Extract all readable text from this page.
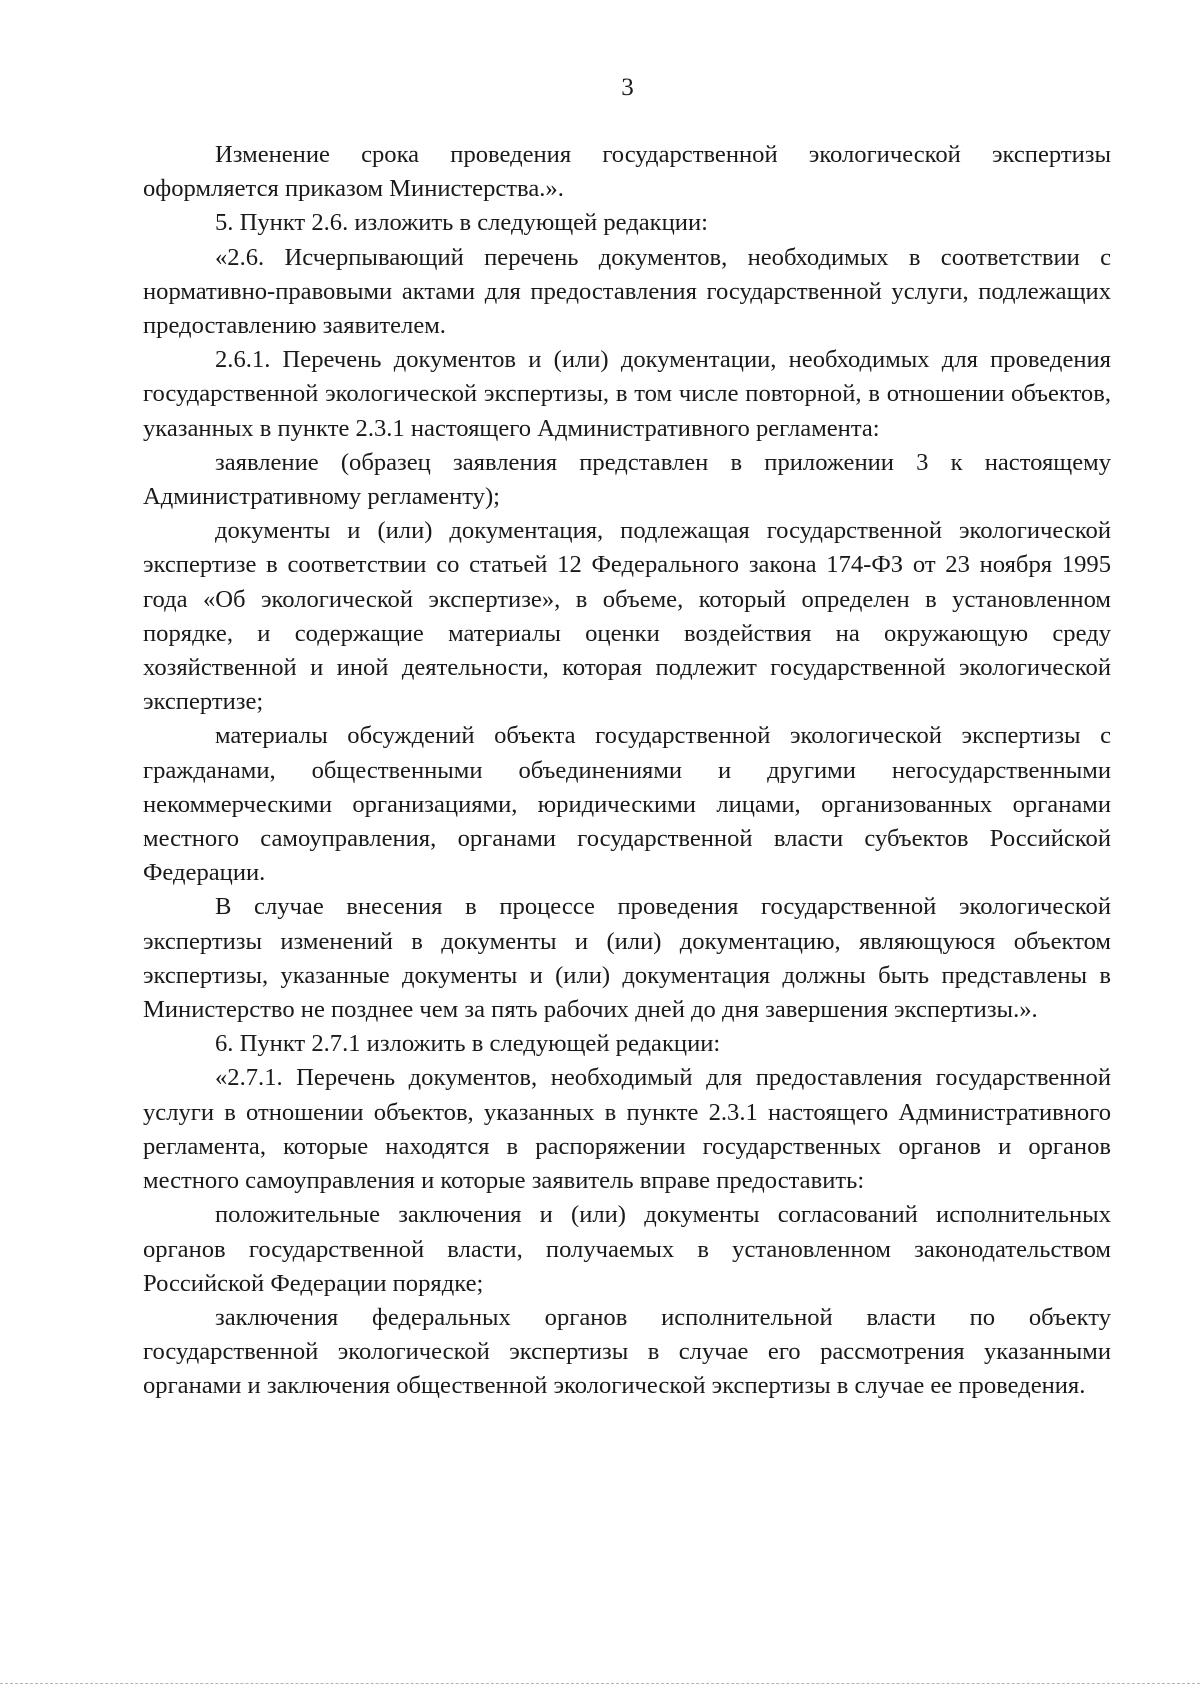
3

Изменение срока проведения государственной экологической экспертизы оформляется приказом Министерства.».

5. Пункт 2.6. изложить в следующей редакции:

«2.6. Исчерпывающий перечень документов, необходимых в соответствии с нормативно-правовыми актами для предоставления государственной услуги, подлежащих предоставлению заявителем.

2.6.1. Перечень документов и (или) документации, необходимых для проведения государственной экологической экспертизы, в том числе повторной, в отношении объектов, указанных в пункте 2.3.1 настоящего Административного регламента:

заявление (образец заявления представлен в приложении 3 к настоящему Административному регламенту);

документы и (или) документация, подлежащая государственной экологической экспертизе в соответствии со статьей 12 Федерального закона 174-ФЗ от 23 ноября 1995 года «Об экологической экспертизе», в объеме, который определен в установленном порядке, и содержащие материалы оценки воздействия на окружающую среду хозяйственной и иной деятельности, которая подлежит государственной экологической экспертизе;

материалы обсуждений объекта государственной экологической экспертизы с гражданами, общественными объединениями и другими негосударственными некоммерческими организациями, юридическими лицами, организованных органами местного самоуправления, органами государственной власти субъектов Российской Федерации.

В случае внесения в процессе проведения государственной экологической экспертизы изменений в документы и (или) документацию, являющуюся объектом экспертизы, указанные документы и (или) документация должны быть представлены в Министерство не позднее чем за пять рабочих дней до дня завершения экспертизы.».

6. Пункт 2.7.1 изложить в следующей редакции:

«2.7.1. Перечень документов, необходимый для предоставления государственной услуги в отношении объектов, указанных в пункте 2.3.1 настоящего Административного регламента, которые находятся в распоряжении государственных органов и органов местного самоуправления и которые заявитель вправе предоставить:

положительные заключения и (или) документы согласований исполнительных органов государственной власти, получаемых в установленном законодательством Российской Федерации порядке;

заключения федеральных органов исполнительной власти по объекту государственной экологической экспертизы в случае его рассмотрения указанными органами и заключения общественной экологической экспертизы в случае ее проведения.
